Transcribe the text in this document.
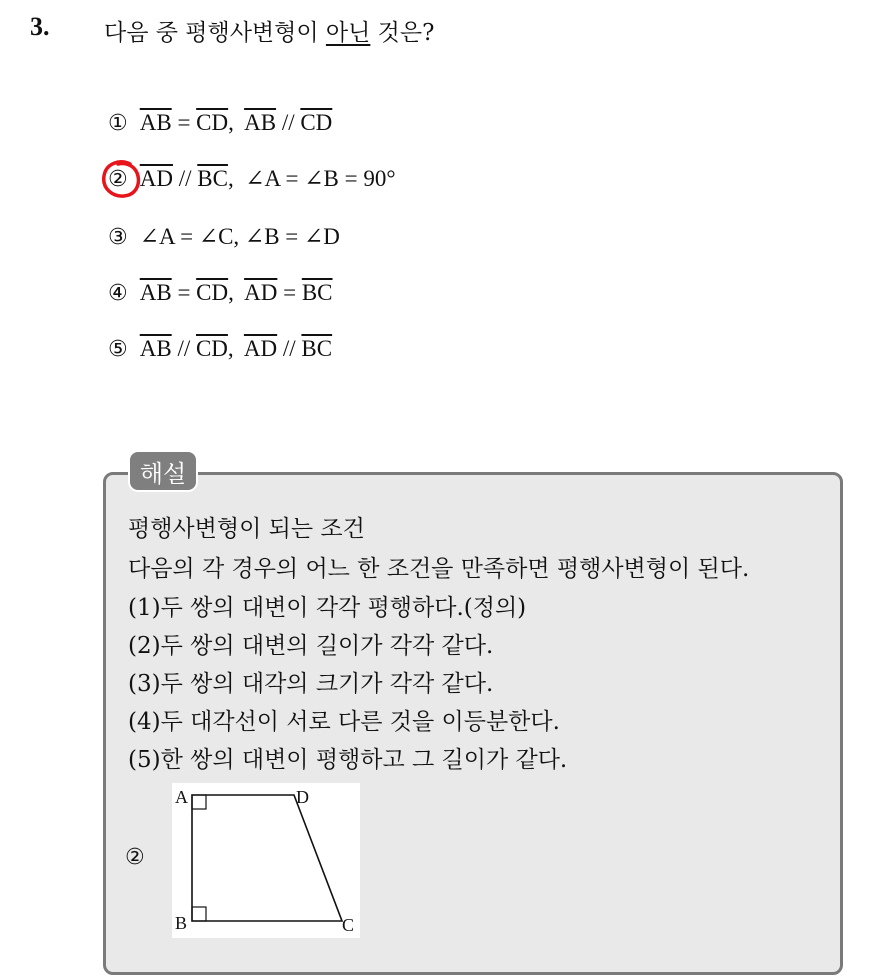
3. 다음 중 평행사변형이 아닌 것은?
① $\overline{AB} = \overline{CD}$,  $\overline{AB} // \overline{CD}$
② $\overline{AD} // \overline{BC}$,  ∠A = ∠B = 90°
③ ∠A = ∠C, ∠B = ∠D
④ $\overline{AB} = \overline{CD}$,  $\overline{AD} = \overline{BC}$
⑤ $\overline{AB} // \overline{CD}$,  $\overline{AD} // \overline{BC}$
해설
평행사변형이 되는 조건
다음의 각 경우의 어느 한 조건을 만족하면 평행사변형이 된다.
(1)두 쌍의 대변이 각각 평행하다.(정의)
(2)두 쌍의 대변의 길이가 각각 같다.
(3)두 쌍의 대각의 크기가 각각 같다.
(4)두 대각선이 서로 다른 것을 이등분한다.
(5)한 쌍의 대변이 평행하고 그 길이가 같다.
②
A	D
B	C
